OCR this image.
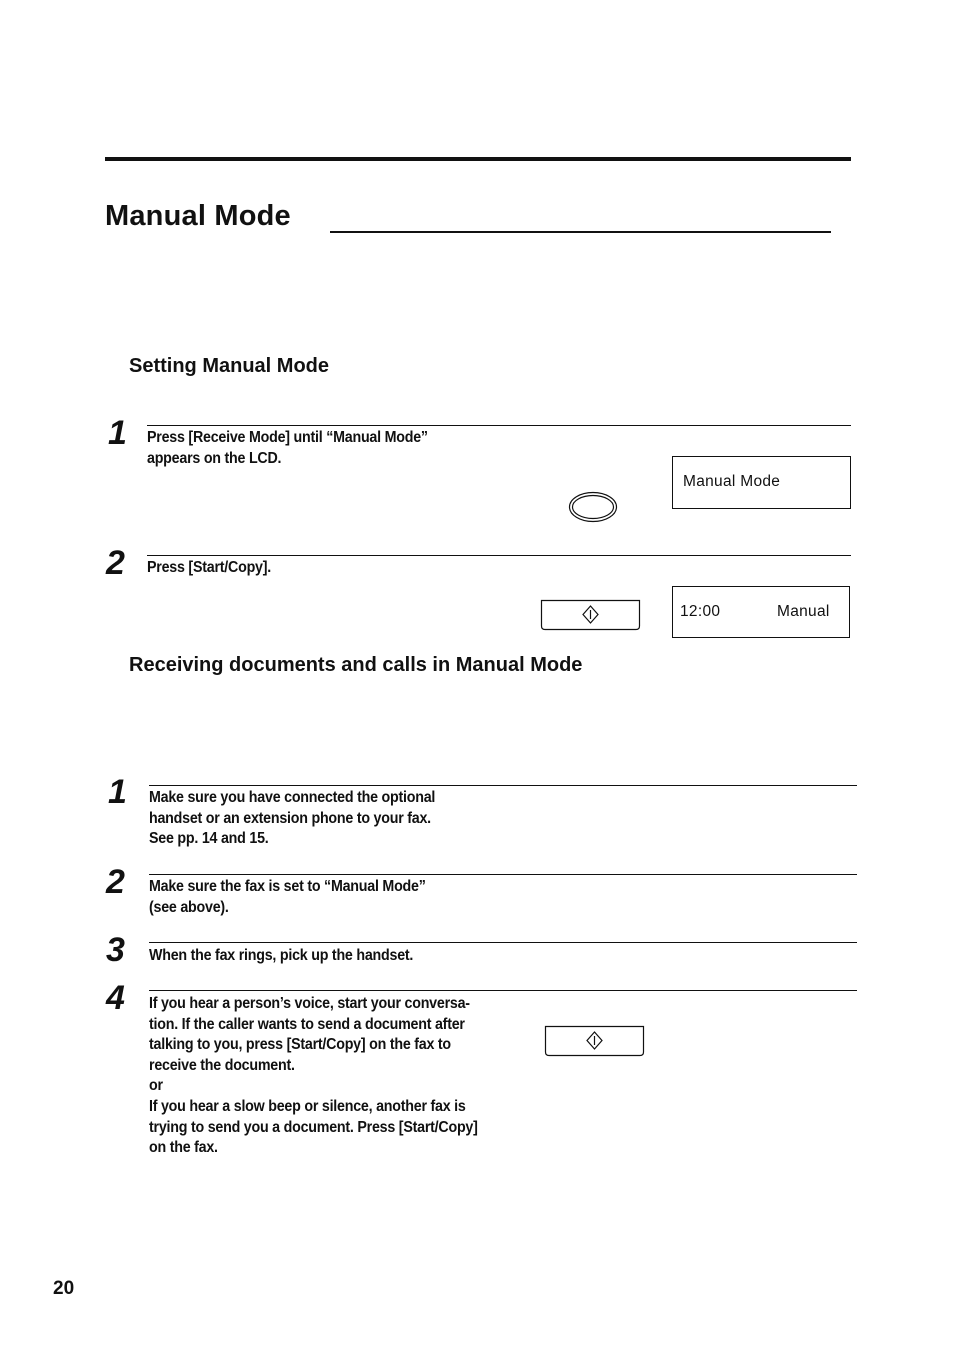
Manual Mode
Setting Manual Mode
1 Press [Receive Mode] until “Manual Mode”
appears on the LCD.
Manual Mode
2 Press [Start/Copy].
12:00	Manual
Receiving documents and calls in Manual Mode
1 Make sure you have connected the optional
handset or an extension phone to your fax.
See pp. 14 and 15.
2 Make sure the fax is set to “Manual Mode”
(see above).
3 When the fax rings, pick up the handset.
4 If you hear a person’s voice, start your conversa-
tion. If the caller wants to send a document after
talking to you, press [Start/Copy] on the fax to
receive the document.
or
If you hear a slow beep or silence, another fax is
trying to send you a document. Press [Start/Copy]
on the fax.
20
